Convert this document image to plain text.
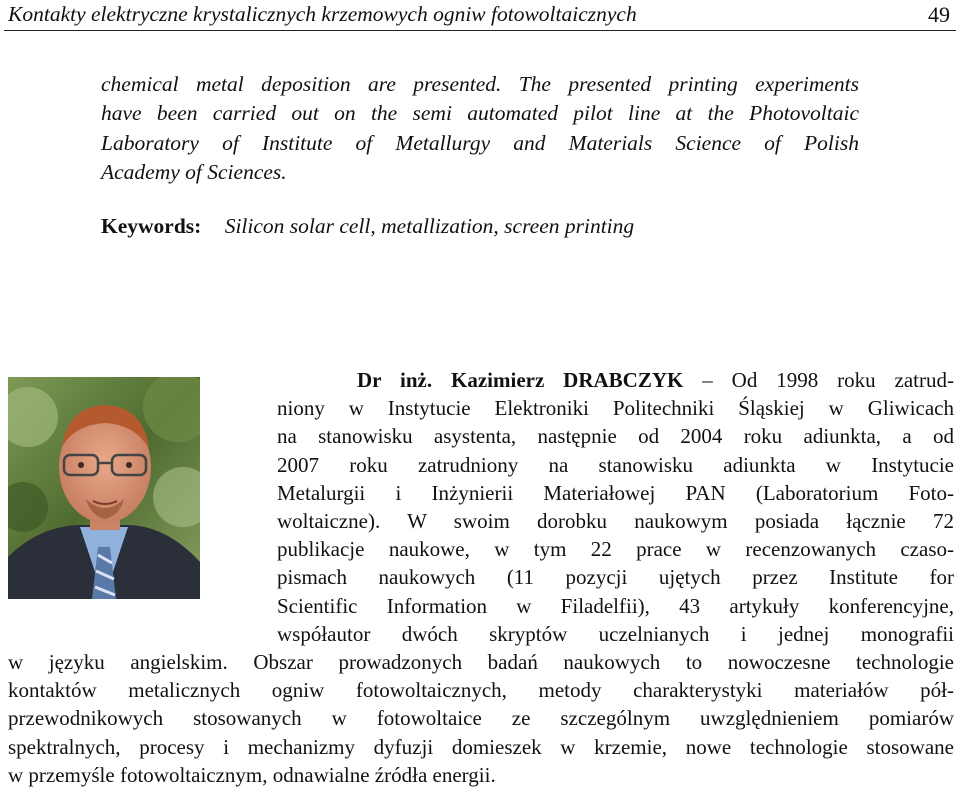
Kontakty elektryczne krystalicznych krzemowych ogniw fotowoltaicznych	49
chemical metal deposition are presented. The presented printing experiments
have been carried out on the semi automated pilot line at the Photovoltaic
Laboratory of Institute of Metallurgy and Materials Science of Polish
Academy of Sciences.
Keywords: Silicon solar cell, metallization, screen printing
Dr inż. Kazimierz DRABCZYK – Od 1998 roku zatrud-
niony w Instytucie Elektroniki Politechniki Śląskiej w Gliwicach
na stanowisku asystenta, następnie od 2004 roku adiunkta, a od
2007 roku zatrudniony na stanowisku adiunkta w Instytucie
Metalurgii i Inżynierii Materiałowej PAN (Laboratorium Foto-
woltaiczne). W swoim dorobku naukowym posiada łącznie 72
publikacje naukowe, w tym 22 prace w recenzowanych czaso-
pismach naukowych (11 pozycji ujętych przez Institute for
Scientific Information w Filadelfii), 43 artykuły konferencyjne,
współautor dwóch skryptów uczelnianych i jednej monografii
w języku angielskim. Obszar prowadzonych badań naukowych to nowoczesne technologie
kontaktów metalicznych ogniw fotowoltaicznych, metody charakterystyki materiałów pół-
przewodnikowych stosowanych w fotowoltaice ze szczególnym uwzględnieniem pomiarów
spektralnych, procesy i mechanizmy dyfuzji domieszek w krzemie, nowe technologie stosowane
w przemyśle fotowoltaicznym, odnawialne źródła energii.
